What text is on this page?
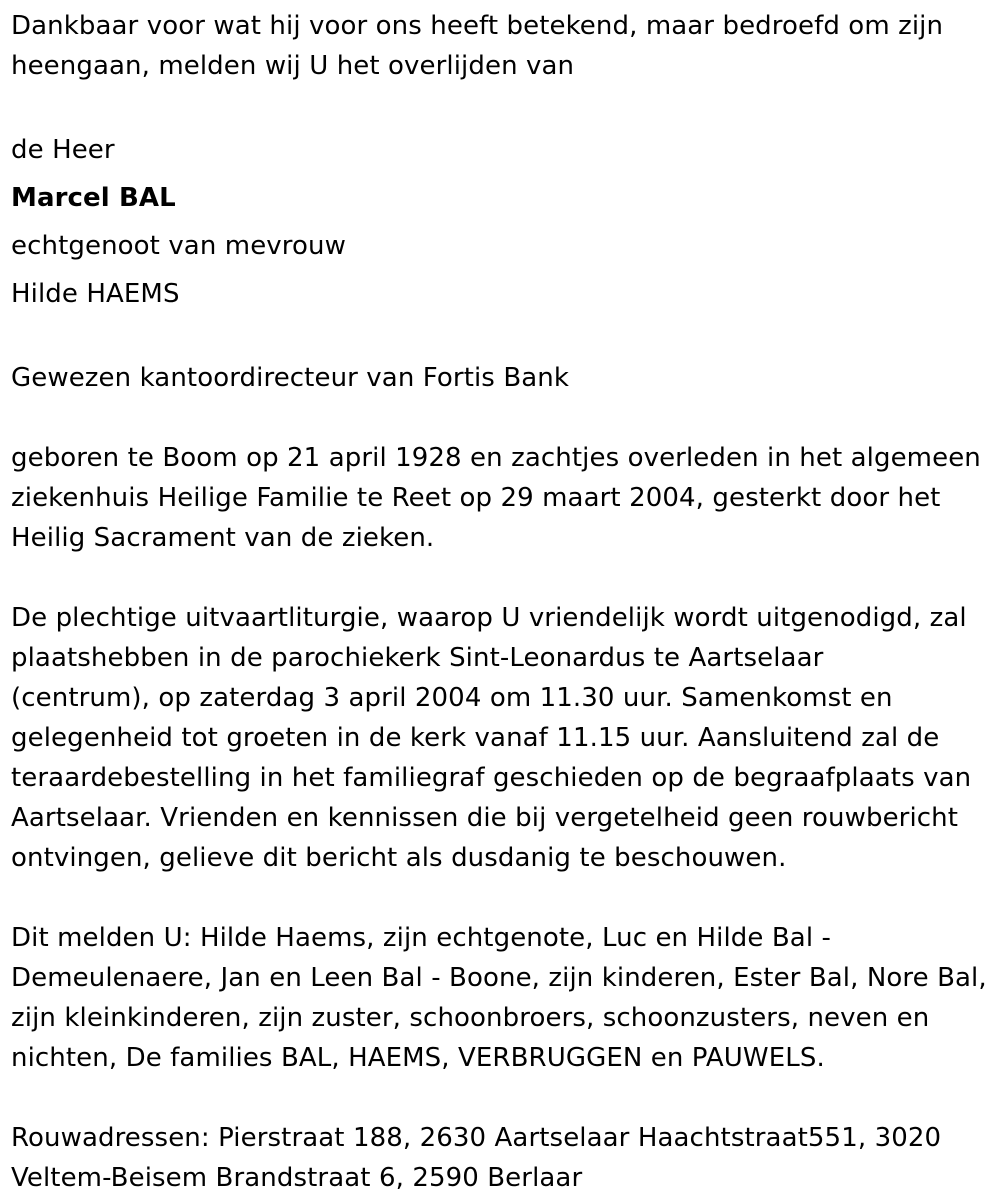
Dankbaar voor wat hij voor ons heeft betekend, maar bedroefd om zijn
heengaan, melden wij U het overlijden van

de Heer

Marcel BAL

echtgenoot van mevrouw

Hilde HAEMS

Gewezen kantoordirecteur van Fortis Bank

geboren te Boom op 21 april 1928 en zachtjes overleden in het algemeen
ziekenhuis Heilige Familie te Reet op 29 maart 2004, gesterkt door het
Heilig Sacrament van de zieken.

De plechtige uitvaartliturgie, waarop U vriendelijk wordt uitgenodigd, zal
plaatshebben in de parochiekerk Sint-Leonardus te Aartselaar
(centrum), op zaterdag 3 april 2004 om 11.30 uur. Samenkomst en
gelegenheid tot groeten in de kerk vanaf 11.15 uur. Aansluitend zal de
teraardebestelling in het familiegraf geschieden op de begraafplaats van
Aartselaar. Vrienden en kennissen die bij vergetelheid geen rouwbericht
ontvingen, gelieve dit bericht als dusdanig te beschouwen.

Dit melden U: Hilde Haems, zijn echtgenote, Luc en Hilde Bal -
Demeulenaere, Jan en Leen Bal - Boone, zijn kinderen, Ester Bal, Nore Bal,
zijn kleinkinderen, zijn zuster, schoonbroers, schoonzusters, neven en
nichten, De families BAL, HAEMS, VERBRUGGEN en PAUWELS.

Rouwadressen: Pierstraat 188, 2630 Aartselaar Haachtstraat551, 3020
Veltem-Beisem Brandstraat 6, 2590 Berlaar
